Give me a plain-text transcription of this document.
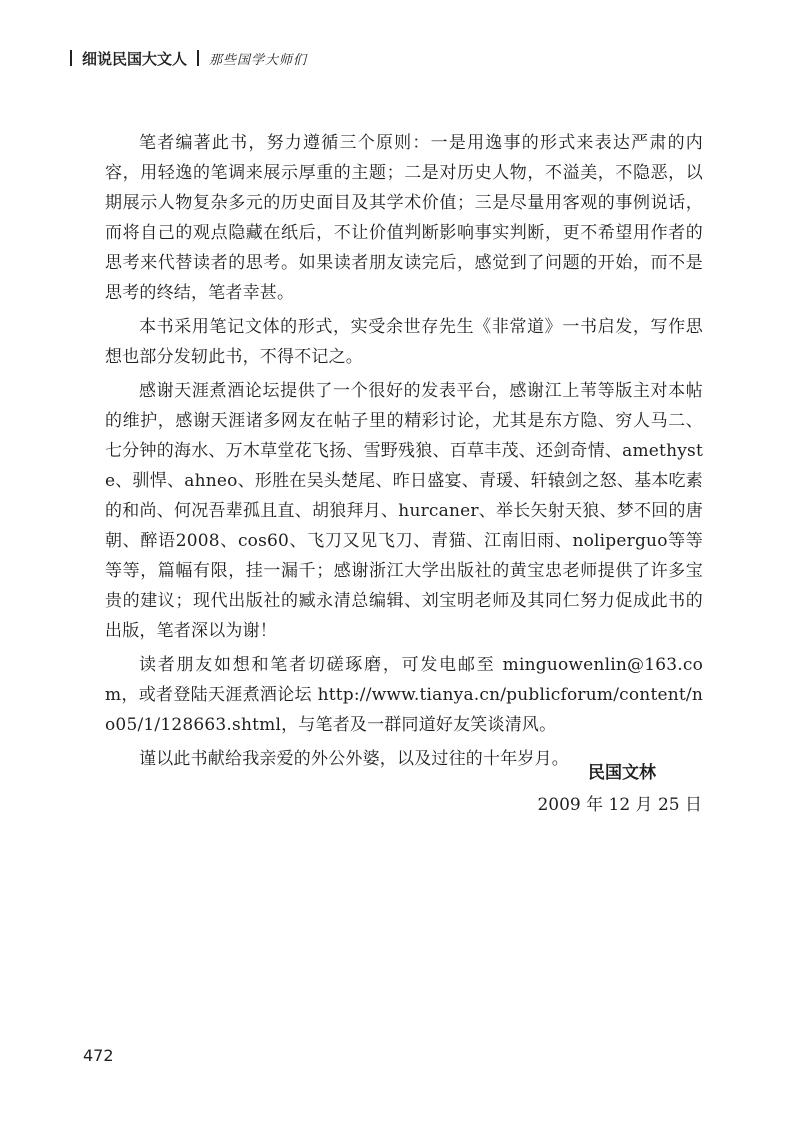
细说民国大文人 那些国学大师们

笔者编著此书，努力遵循三个原则：一是用逸事的形式来表达严肃的内容，用轻逸的笔调来展示厚重的主题；二是对历史人物，不溢美，不隐恶，以期展示人物复杂多元的历史面目及其学术价值；三是尽量用客观的事例说话，而将自己的观点隐藏在纸后，不让价值判断影响事实判断，更不希望用作者的思考来代替读者的思考。如果读者朋友读完后，感觉到了问题的开始，而不是思考的终结，笔者幸甚。

本书采用笔记文体的形式，实受余世存先生《非常道》一书启发，写作思想也部分发轫此书，不得不记之。

感谢天涯煮酒论坛提供了一个很好的发表平台，感谢江上苇等版主对本帖的维护，感谢天涯诸多网友在帖子里的精彩讨论，尤其是东方隐、穷人马二、七分钟的海水、万木草堂花飞扬、雪野残狼、百草丰茂、还剑奇情、amethyste、驯悍、ahneo、形胜在吴头楚尾、昨日盛宴、青瑗、轩辕剑之怒、基本吃素的和尚、何况吾辈孤且直、胡狼拜月、hurcaner、举长矢射天狼、梦不回的唐朝、醉语2008、cos60、飞刀又见飞刀、青猫、江南旧雨、noliperguo等等等等，篇幅有限，挂一漏千；感谢浙江大学出版社的黄宝忠老师提供了许多宝贵的建议；现代出版社的臧永清总编辑、刘宝明老师及其同仁努力促成此书的出版，笔者深以为谢！

读者朋友如想和笔者切磋琢磨，可发电邮至 minguowenlin@163.com，或者登陆天涯煮酒论坛 http://www.tianya.cn/publicforum/content/no05/1/128663.shtml，与笔者及一群同道好友笑谈清风。

谨以此书献给我亲爱的外公外婆，以及过往的十年岁月。

民国文林
2009 年 12 月 25 日
472
